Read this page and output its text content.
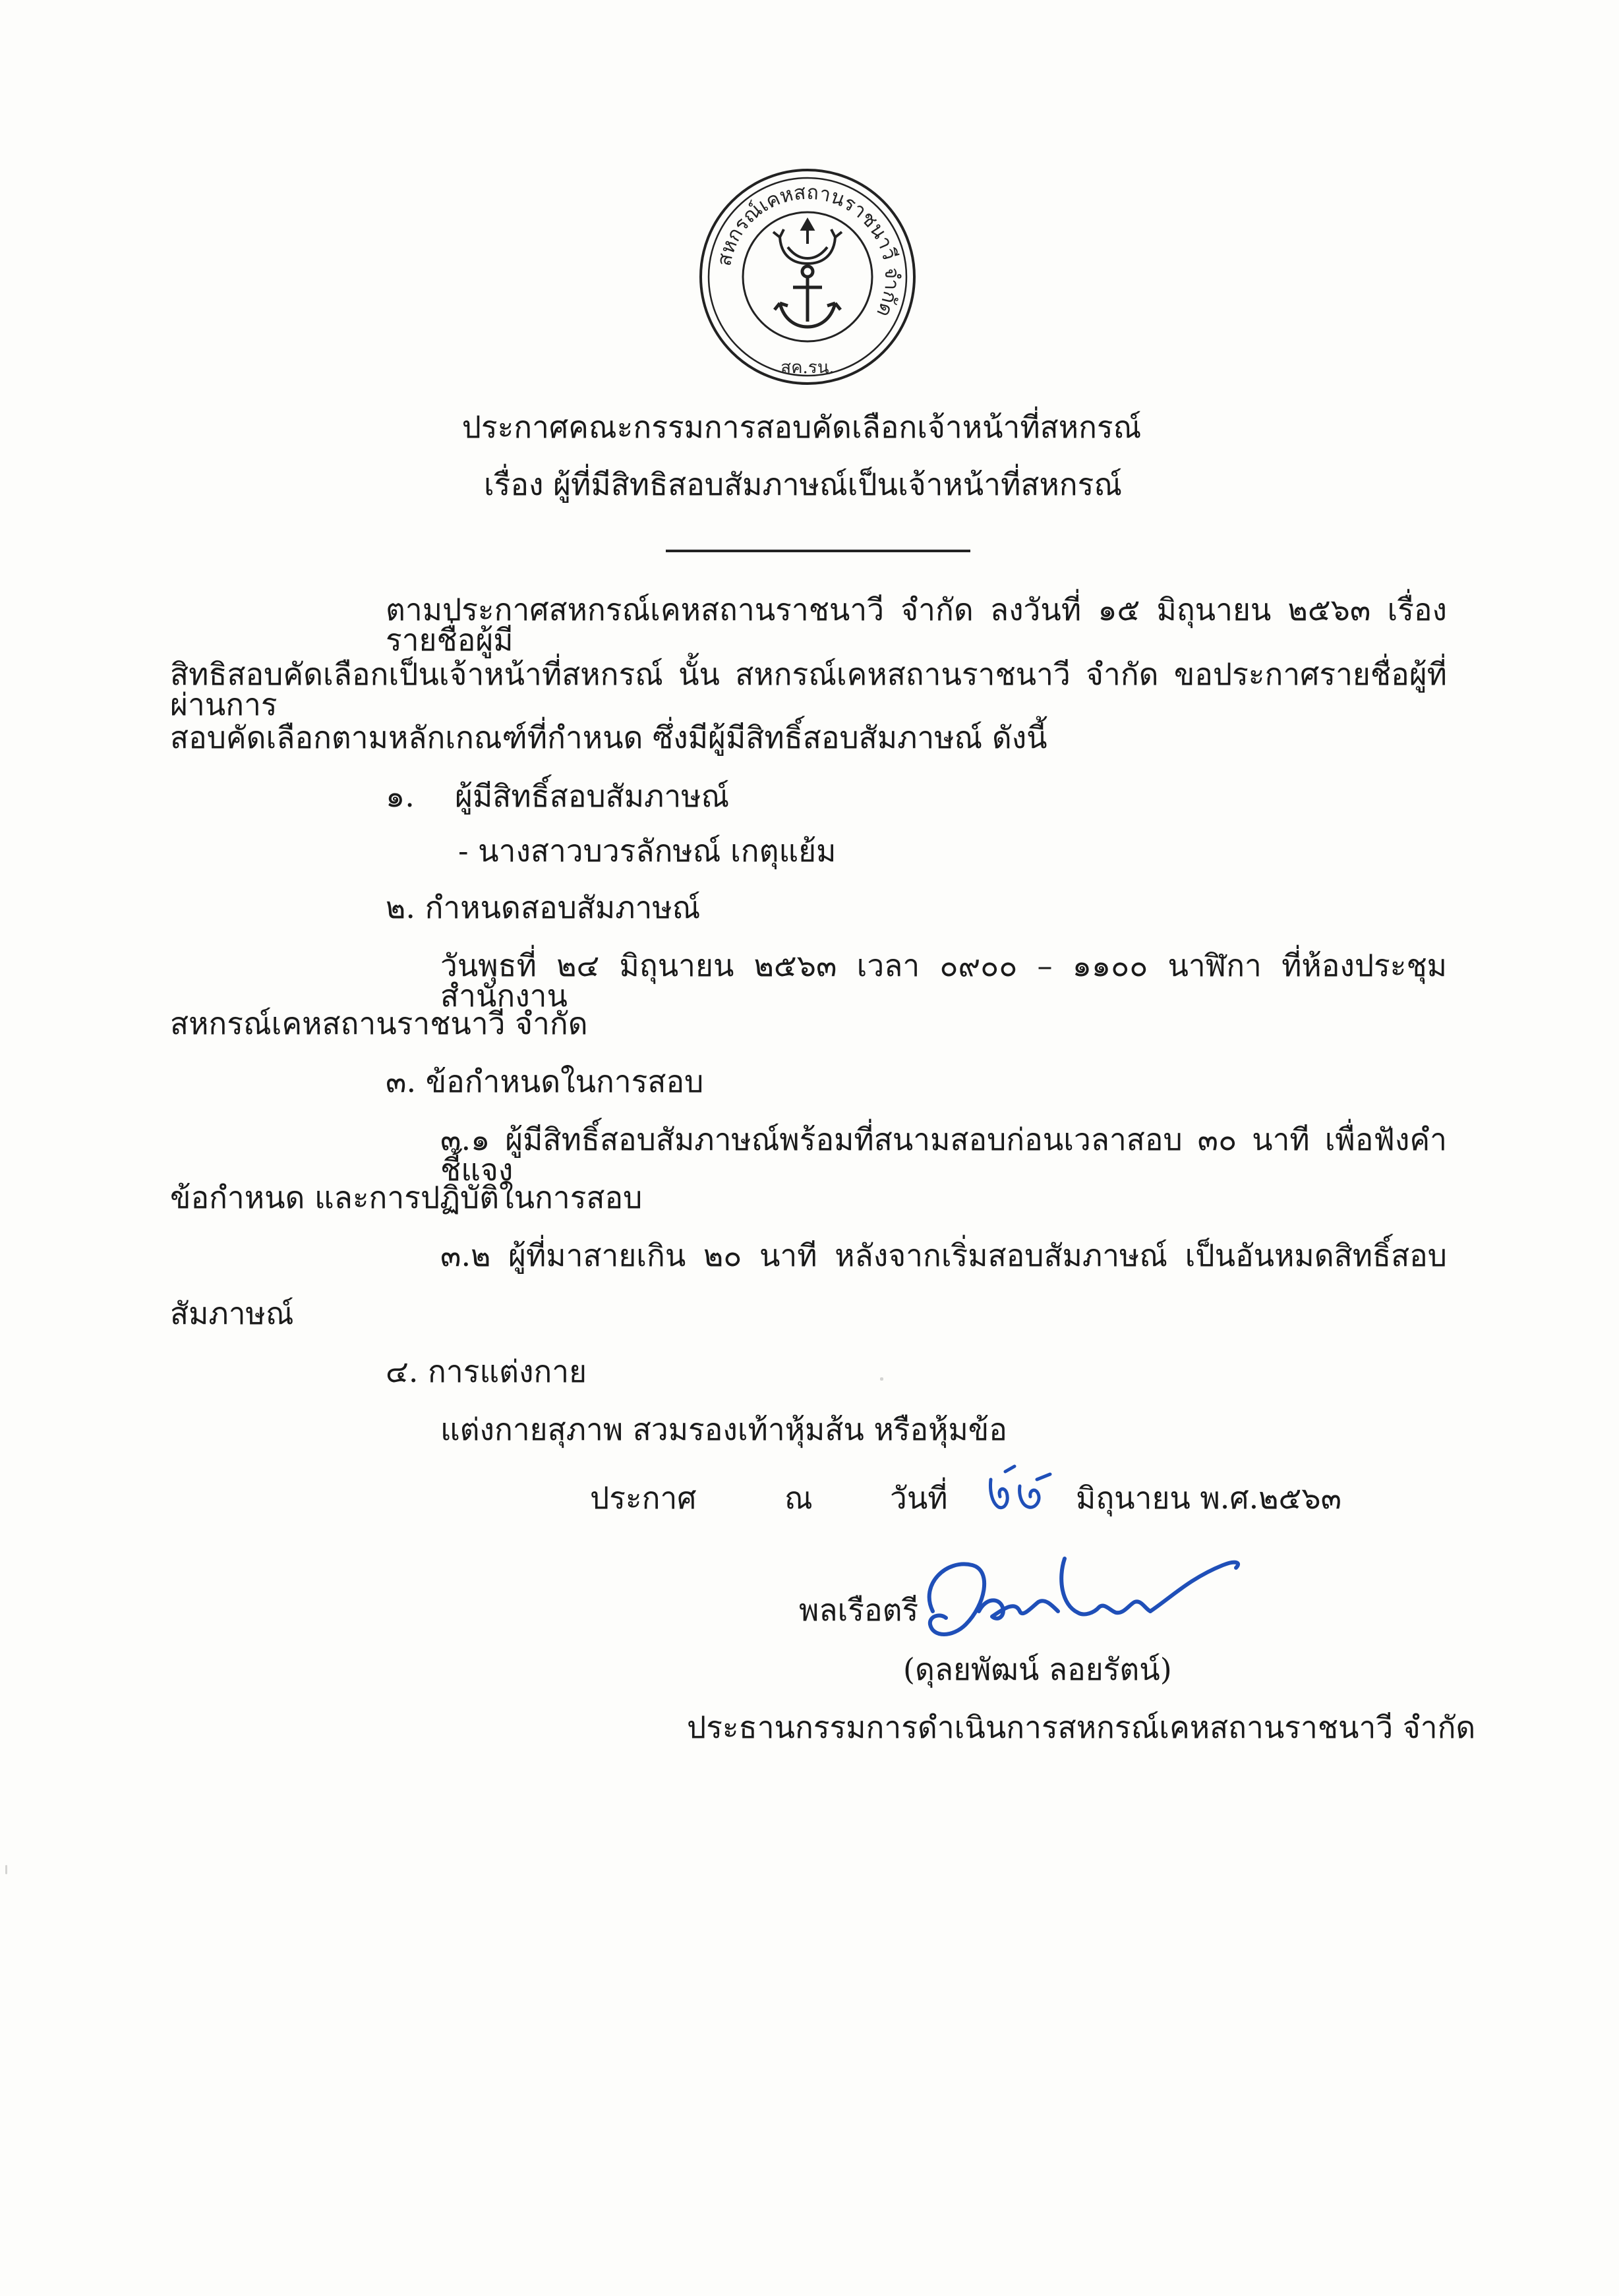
สหกรณ์เคหสถานราชนาวี จำกัด
สค.รน.
ประกาศคณะกรรมการสอบคัดเลือกเจ้าหน้าที่สหกรณ์
เรื่อง ผู้ที่มีสิทธิสอบสัมภาษณ์เป็นเจ้าหน้าที่สหกรณ์
ตามประกาศสหกรณ์เคหสถานราชนาวี จำกัด ลงวันที่ ๑๕ มิถุนายน ๒๕๖๓ เรื่อง รายชื่อผู้มี
สิทธิสอบคัดเลือกเป็นเจ้าหน้าที่สหกรณ์ นั้น สหกรณ์เคหสถานราชนาวี จำกัด ขอประกาศรายชื่อผู้ที่ผ่านการ
สอบคัดเลือกตามหลักเกณฑ์ที่กำหนด ซึ่งมีผู้มีสิทธิ์สอบสัมภาษณ์ ดังนี้
๑. ผู้มีสิทธิ์สอบสัมภาษณ์
- นางสาวบวรลักษณ์ เกตุแย้ม
๒. กำหนดสอบสัมภาษณ์
วันพุธที่ ๒๔ มิถุนายน ๒๕๖๓ เวลา ๐๙๐๐ – ๑๑๐๐ นาฬิกา ที่ห้องประชุม สำนักงาน
สหกรณ์เคหสถานราชนาวี จำกัด
๓. ข้อกำหนดในการสอบ
๓.๑ ผู้มีสิทธิ์สอบสัมภาษณ์พร้อมที่สนามสอบก่อนเวลาสอบ ๓๐ นาที เพื่อฟังคำชี้แจง
ข้อกำหนด และการปฏิบัติในการสอบ
๓.๒ ผู้ที่มาสายเกิน ๒๐ นาที หลังจากเริ่มสอบสัมภาษณ์ เป็นอันหมดสิทธิ์สอบ
สัมภาษณ์
๔. การแต่งกาย
แต่งกายสุภาพ สวมรองเท้าหุ้มส้น หรือหุ้มข้อ
ประกาศ	ณ	วันที่	มิถุนายน พ.ศ.๒๕๖๓
พลเรือตรี
(ดุลยพัฒน์ ลอยรัตน์)
ประธานกรรมการดำเนินการสหกรณ์เคหสถานราชนาวี จำกัด
